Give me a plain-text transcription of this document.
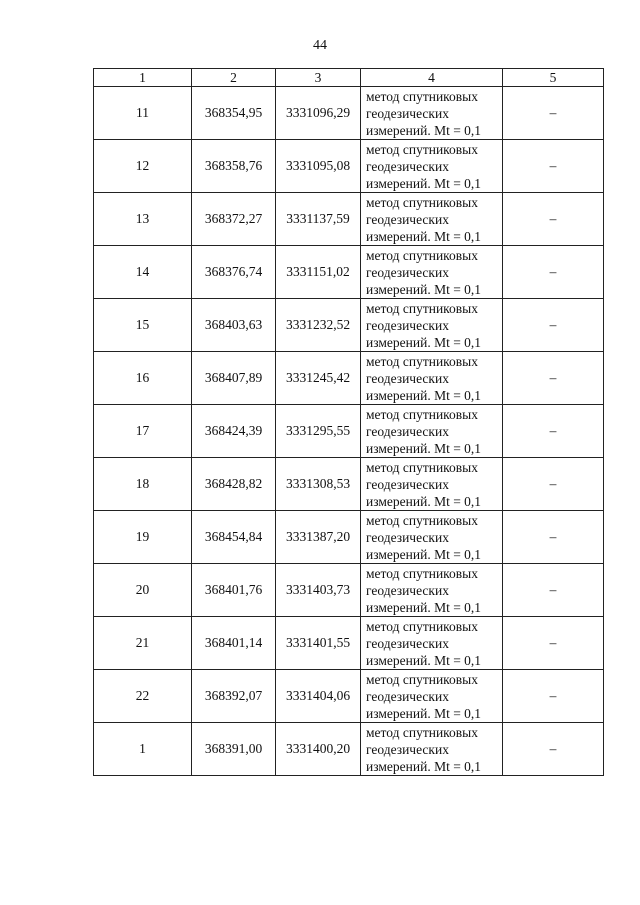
44
1	2	3	4	5
11	368354,95	3331096,29	метод спутниковых
геодезических
измерений. Mt = 0,1	–
12	368358,76	3331095,08	метод спутниковых
геодезических
измерений. Mt = 0,1	–
13	368372,27	3331137,59	метод спутниковых
геодезических
измерений. Mt = 0,1	–
14	368376,74	3331151,02	метод спутниковых
геодезических
измерений. Mt = 0,1	–
15	368403,63	3331232,52	метод спутниковых
геодезических
измерений. Mt = 0,1	–
16	368407,89	3331245,42	метод спутниковых
геодезических
измерений. Mt = 0,1	–
17	368424,39	3331295,55	метод спутниковых
геодезических
измерений. Mt = 0,1	–
18	368428,82	3331308,53	метод спутниковых
геодезических
измерений. Mt = 0,1	–
19	368454,84	3331387,20	метод спутниковых
геодезических
измерений. Mt = 0,1	–
20	368401,76	3331403,73	метод спутниковых
геодезических
измерений. Mt = 0,1	–
21	368401,14	3331401,55	метод спутниковых
геодезических
измерений. Mt = 0,1	–
22	368392,07	3331404,06	метод спутниковых
геодезических
измерений. Mt = 0,1	–
1	368391,00	3331400,20	метод спутниковых
геодезических
измерений. Mt = 0,1	–
